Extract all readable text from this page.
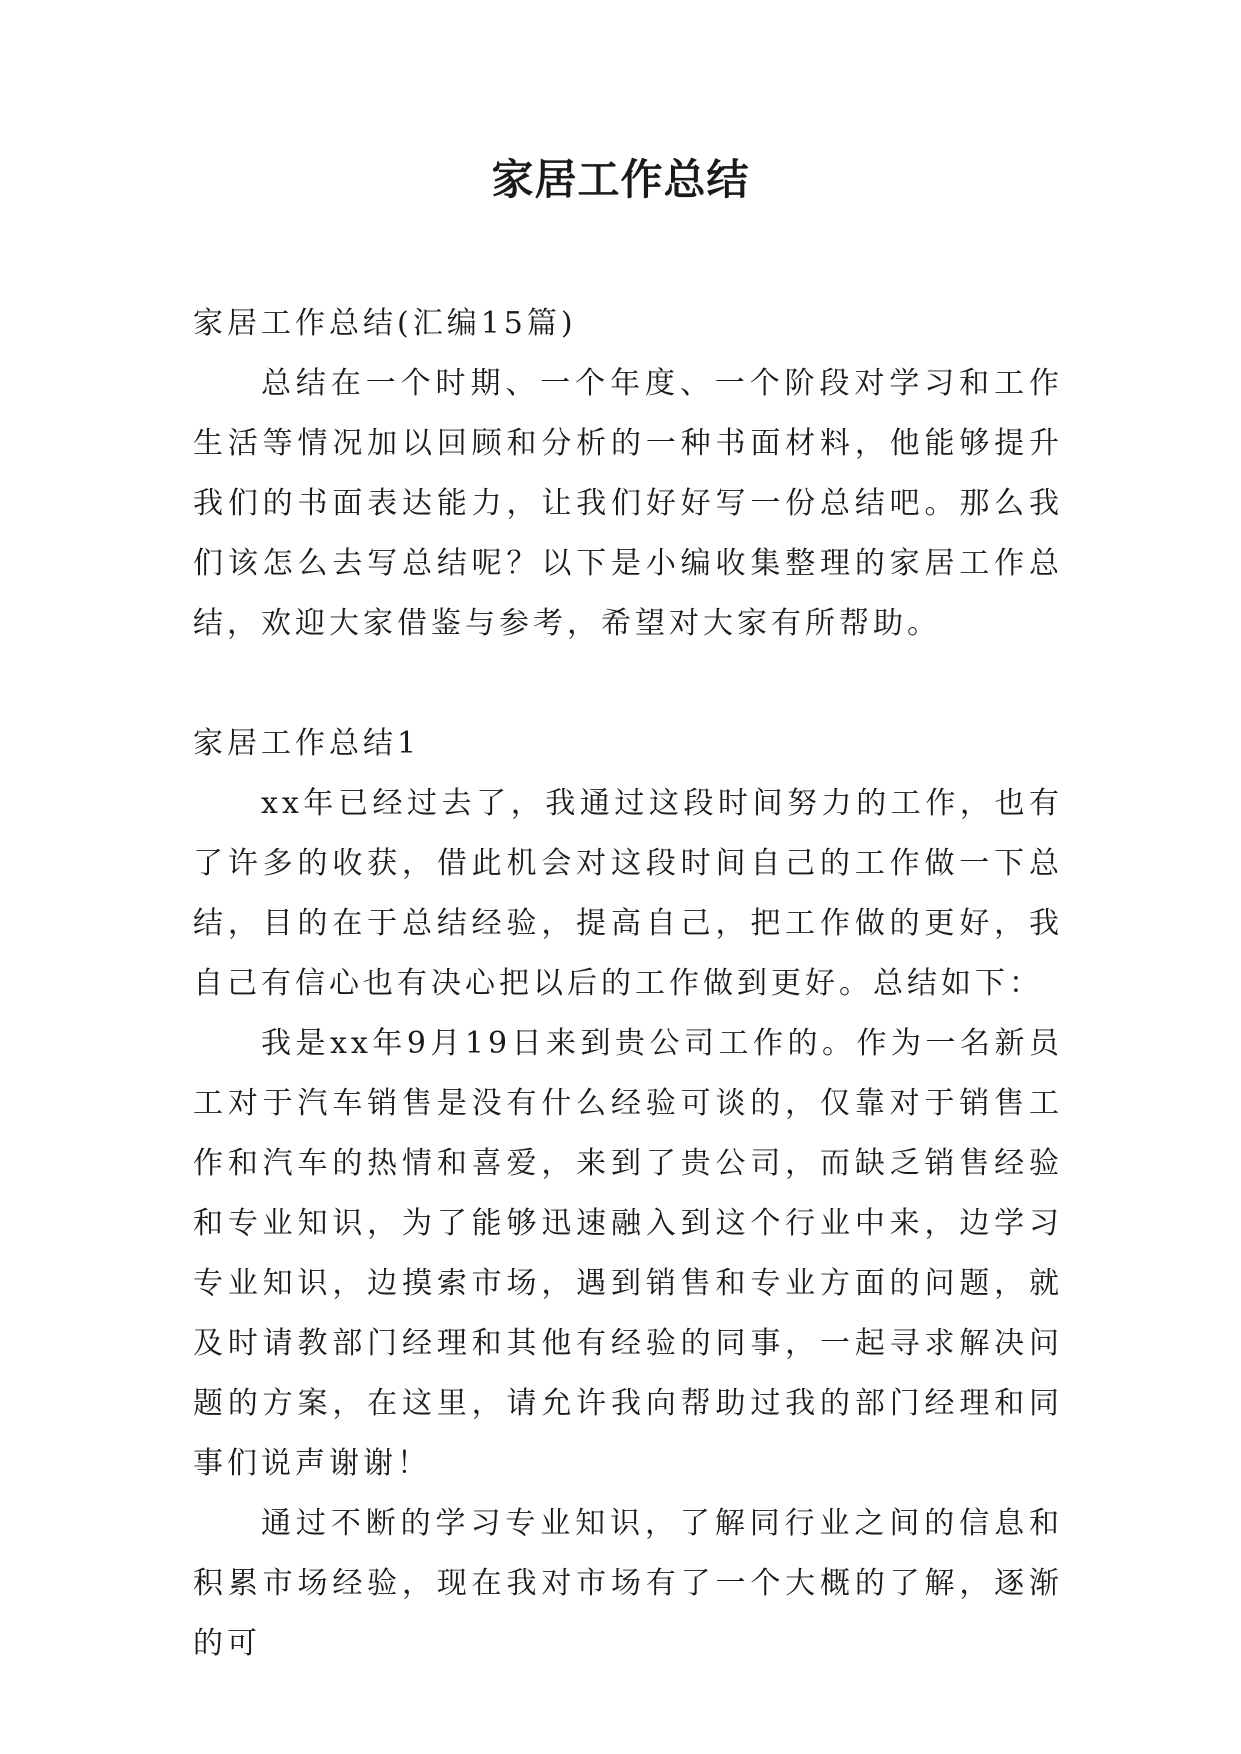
家居工作总结

家居工作总结(汇编15篇)

总结在一个时期、一个年度、一个阶段对学习和工作生活等情况加以回顾和分析的一种书面材料，他能够提升我们的书面表达能力，让我们好好写一份总结吧。那么我们该怎么去写总结呢？以下是小编收集整理的家居工作总结，欢迎大家借鉴与参考，希望对大家有所帮助。

家居工作总结1

xx年已经过去了，我通过这段时间努力的工作，也有了许多的收获，借此机会对这段时间自己的工作做一下总结，目的在于总结经验，提高自己，把工作做的更好，我自己有信心也有决心把以后的工作做到更好。总结如下：

我是xx年9月19日来到贵公司工作的。作为一名新员工对于汽车销售是没有什么经验可谈的，仅靠对于销售工作和汽车的热情和喜爱，来到了贵公司，而缺乏销售经验和专业知识，为了能够迅速融入到这个行业中来，边学习专业知识，边摸索市场，遇到销售和专业方面的问题，就及时请教部门经理和其他有经验的同事，一起寻求解决问题的方案，在这里，请允许我向帮助过我的部门经理和同事们说声谢谢！

通过不断的学习专业知识，了解同行业之间的信息和积累市场经验，现在我对市场有了一个大概的了解，逐渐的可
